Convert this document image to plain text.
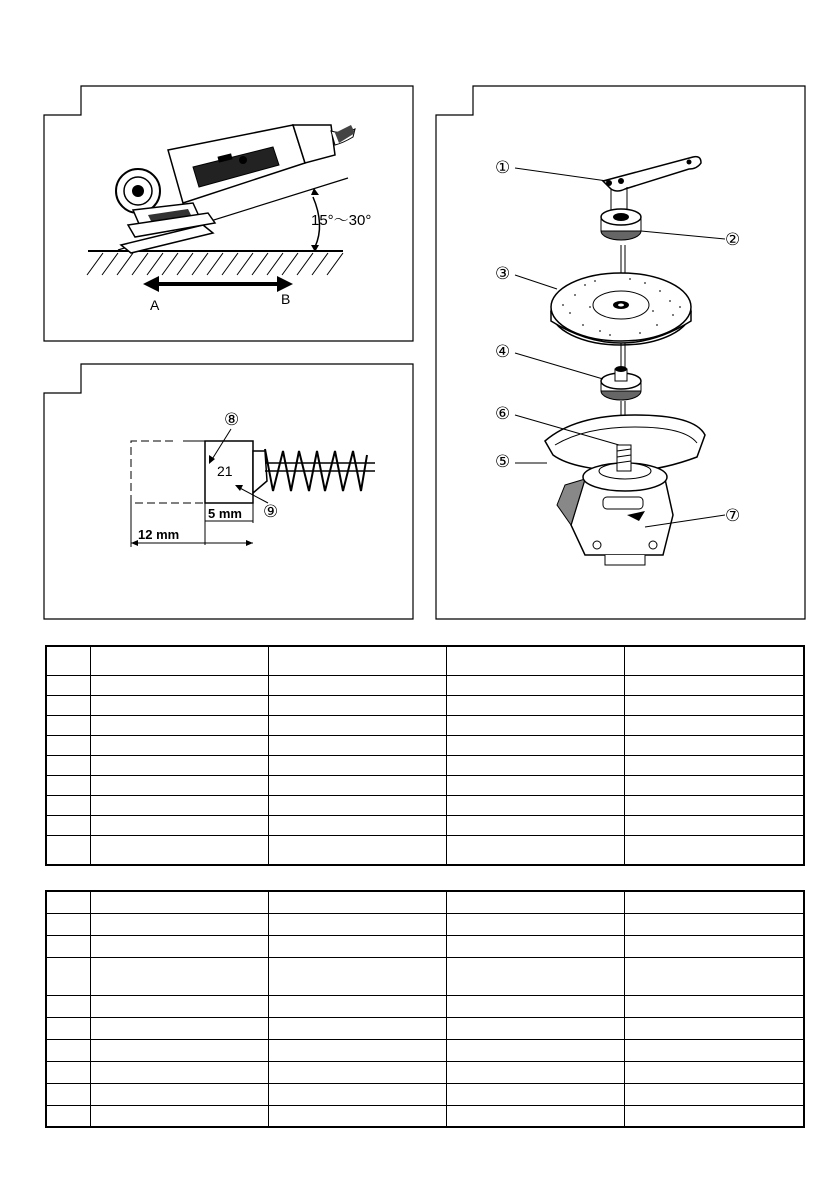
15°～30°
A	B
⑧
21
⑨
5 mm
12 mm
①
②
③
④
⑥
⑤
⑦
